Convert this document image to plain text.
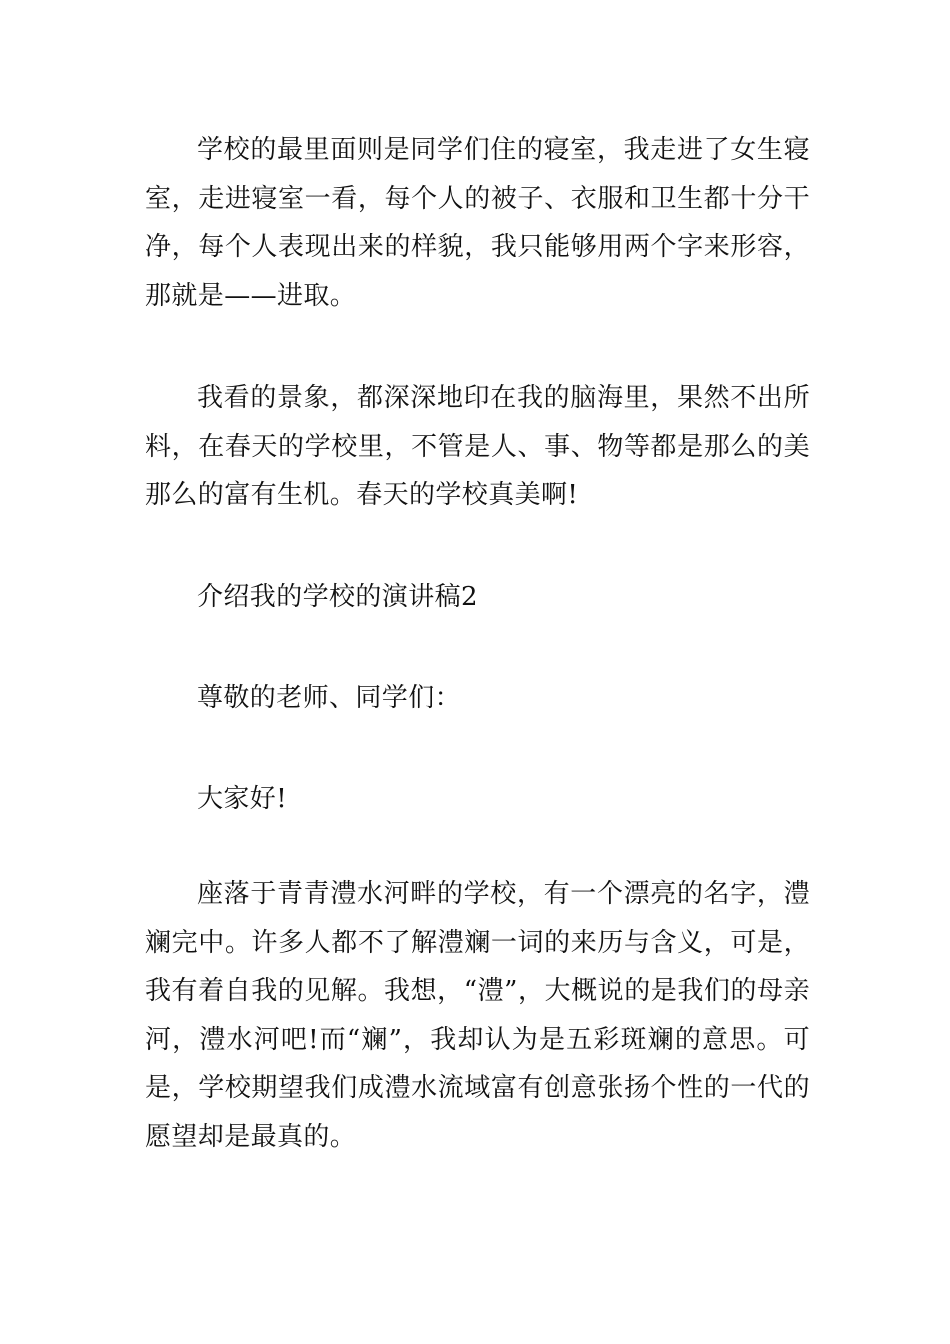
学校的最里面则是同学们住的寝室，我走进了女生寝室，走进寝室一看，每个人的被子、衣服和卫生都十分干净，每个人表现出来的样貌，我只能够用两个字来形容，那就是——进取。

我看的景象，都深深地印在我的脑海里，果然不出所料，在春天的学校里，不管是人、事、物等都是那么的美那么的富有生机。春天的学校真美啊!

介绍我的学校的演讲稿2

尊敬的老师、同学们：

大家好!

座落于青青澧水河畔的学校，有一个漂亮的名字，澧斓完中。许多人都不了解澧斓一词的来历与含义，可是，我有着自我的见解。我想，“澧”，大概说的是我们的母亲河，澧水河吧!而“斓”，我却认为是五彩斑斓的意思。可是，学校期望我们成澧水流域富有创意张扬个性的一代的愿望却是最真的。
